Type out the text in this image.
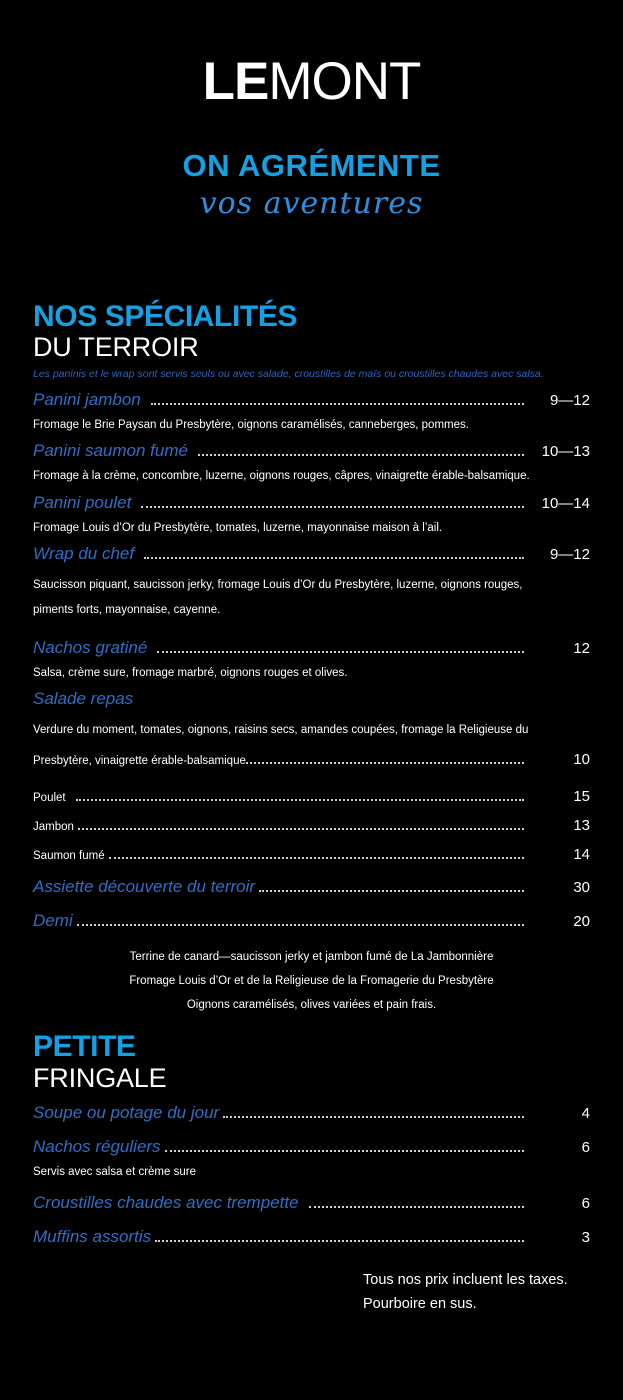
LEMONT
ON AGRÉMENTE
vos aventures
NOS SPÉCIALITÉS
DU TERROIR
Les paninis et le wrap sont servis seuls ou avec salade, croustilles de maïs ou croustilles chaudes avec salsa.
Panini jambon	9—12
Fromage le Brie Paysan du Presbytère, oignons caramélisés, canneberges, pommes.
Panini saumon fumé	10—13
Fromage à la crème, concombre, luzerne, oignons rouges, câpres, vinaigrette érable-balsamique.
Panini poulet	10—14
Fromage Louis d’Or du Presbytère, tomates, luzerne, mayonnaise maison à l’ail.
Wrap du chef	9—12
Saucisson piquant, saucisson jerky, fromage Louis d’Or du Presbytère, luzerne, oignons rouges,
piments forts, mayonnaise, cayenne.
Nachos gratiné	12
Salsa, crème sure, fromage marbré, oignons rouges et olives.
Salade repas
Verdure du moment, tomates, oignons, raisins secs, amandes coupées, fromage la Religieuse du
Presbytère, vinaigrette érable-balsamique	10
Poulet	15
Jambon	13
Saumon fumé	14
Assiette découverte du terroir	30
Demi	20
Terrine de canard—saucisson jerky et jambon fumé de La Jambonnière
Fromage Louis d’Or et de la Religieuse de la Fromagerie du Presbytère
Oignons caramélisés, olives variées et pain frais.
PETITE
FRINGALE
Soupe ou potage du jour	4
Nachos réguliers	6
Servis avec salsa et crème sure
Croustilles chaudes avec trempette	6
Muffins assortis	3
Tous nos prix incluent les taxes.
Pourboire en sus.
